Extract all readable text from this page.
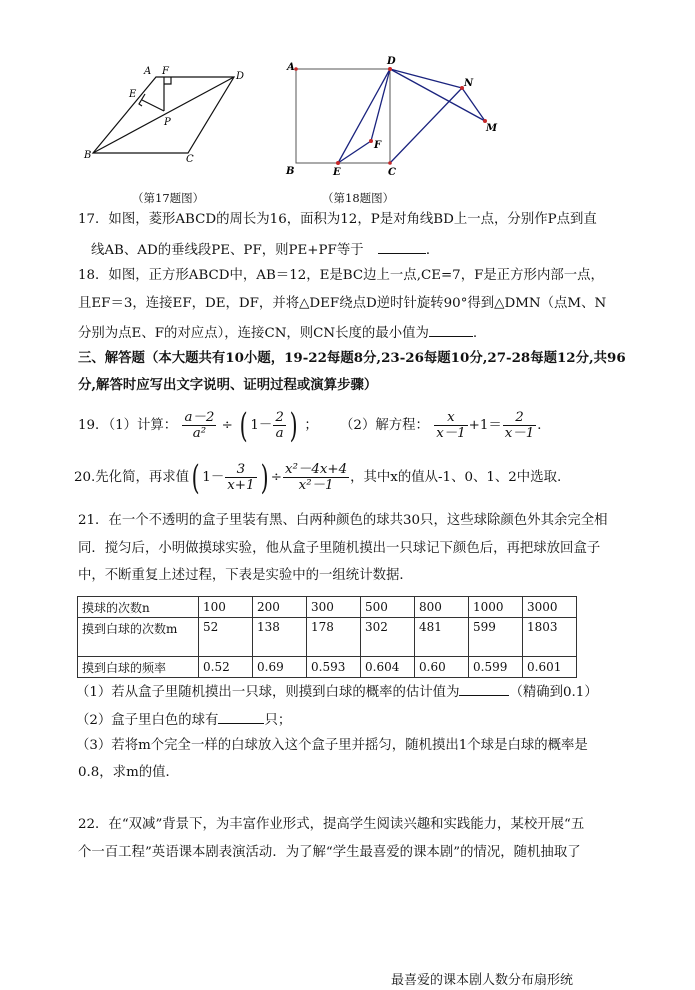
A F	D
E
P
B	C
A
D
B	E	C
F
N
M
（第17题图）	（第18题图）
17．如图，菱形ABCD的周长为16，面积为12，P是对角线BD上一点，分别作P点到直
线AB、AD的垂线段PE、PF，则PE+PF等于	．
18．如图，正方形ABCD中，AB＝12，E是BC边上一点,CE=7，F是正方形内部一点，
且EF＝3，连接EF，DE，DF，并将△DEF绕点D逆时针旋转90°得到△DMN（点M、N
分别为点E、F的对应点），连接CN，则CN长度的最小值为	.
三、解答题（本大题共有10小题，19-22每题8分,23-26每题10分,27-28每题12分,共96
分,解答时应写出文字说明、证明过程或演算步骤）
19．（1）计算： $\frac{a-2}{\text{a²}}$ ÷ ( $1- \frac{2}{a}$ ) ； （2）解方程： $\frac{x}{x-1} +1= \frac{2}{x-1}$ ．
20.先化简，再求值( $1- \frac{3}{x+1}$ ) ÷ $\frac{\text{x²－4x+4}}{\text{x²－1}}$ ，其中x的值从-1、0、1、2中选取.
21．在一个不透明的盒子里装有黑、白两种颜色的球共30只，这些球除颜色外其余完全相
同．搅匀后，小明做摸球实验，他从盒子里随机摸出一只球记下颜色后，再把球放回盒子
中，不断重复上述过程，下表是实验中的一组统计数据．
摸球的次数n	100	200	300	500	800	1000	3000
摸到白球的次数m	52	138	178	302	481	599	1803
摸到白球的频率	0.52	0.69	0.593	0.604	0.60	0.599	0.601
（1）若从盒子里随机摸出一只球，则摸到白球的概率的估计值为	（精确到0.1）
（2）盒子里白色的球有	只；
（3）若将m个完全一样的白球放入这个盒子里并摇匀，随机摸出1个球是白球的概率是
0.8，求m的值．
22．在“双减”背景下，为丰富作业形式，提高学生阅读兴趣和实践能力，某校开展“五
个一百工程”英语课本剧表演活动．为了解“学生最喜爱的课本剧”的情况，随机抽取了
最喜爱的课本剧人数分布扇形统
